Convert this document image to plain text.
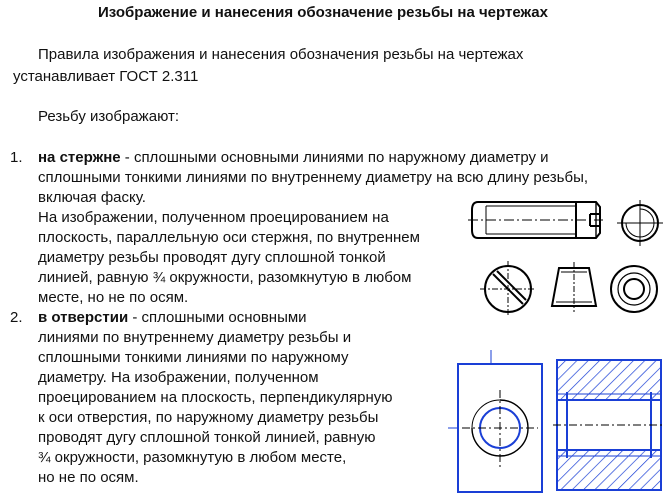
Изображение и нанесения обозначение резьбы на чертежах
Правила изображения и нанесения обозначения резьбы на чертежах
устанавливает ГОСТ 2.311
Резьбу изображают:
1. на стержне - сплошными основными линиями по наружному диаметру и
сплошными тонкими линиями по внутреннему диаметру на всю длину резьбы,
включая фаску.
На изображении, полученном проецированием на
плоскость, параллельную оси стержня, по внутреннем
диаметру резьбы проводят дугу сплошной тонкой
линией, равную ¾ окружности, разомкнутую в любом
месте, но не по осям.
2. в отверстии - сплошными основными
линиями по внутреннему диаметру резьбы и
сплошными тонкими линиями по наружному
диаметру. На изображении, полученном
проецированием на плоскость, перпендикулярную
к оси отверстия, по наружному диаметру резьбы
проводят дугу сплошной тонкой линией, равную
¾ окружности, разомкнутую в любом месте,
но не по осям.
